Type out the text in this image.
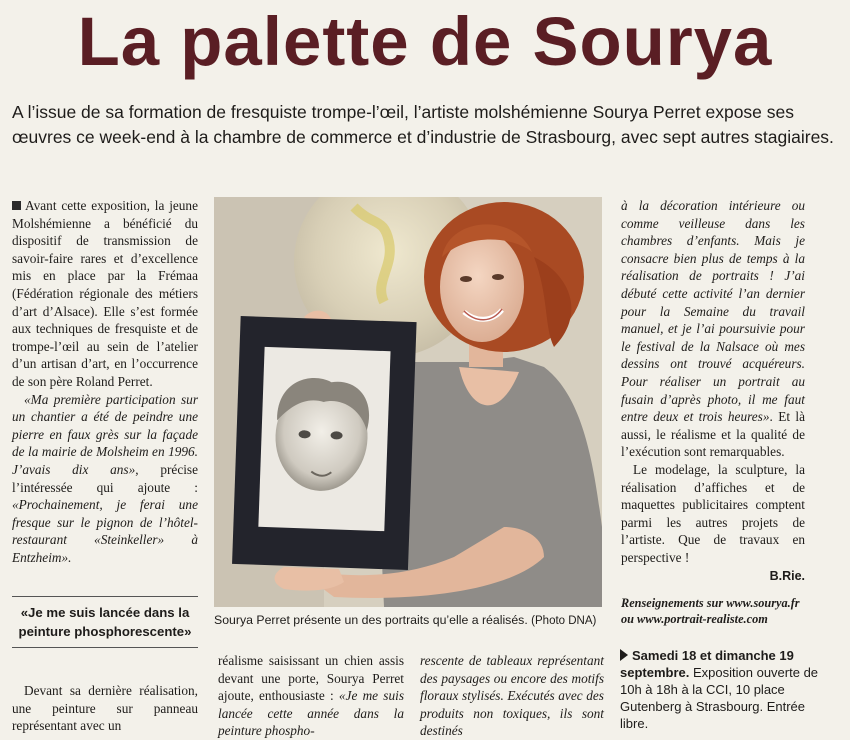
La palette de Sourya

A l’issue de sa formation de fresquiste trompe-l’œil, l’artiste molshémienne Sourya Perret expose ses œuvres ce week-end à la chambre de commerce et d’industrie de Strasbourg, avec sept autres stagiaires.

Avant cette exposition, la jeune Molshémienne a bénéficié du dispositif de transmission de savoir-faire rares et d’excellence mis en place par la Frémaa (Fédération régionale des métiers d’art d’Alsace). Elle s’est formée aux techniques de fresquiste et de trompe-l’œil au sein de l’atelier d’un artisan d’art, en l’occurrence de son père Roland Perret.

«Ma première participation sur un chantier a été de peindre une pierre en faux grès sur la façade de la mairie de Molsheim en 1996. J’avais dix ans», précise l’intéressée qui ajoute : «Prochainement, je ferai une fresque sur le pignon de l’hôtel-restaurant «Steinkeller» à Entzheim».

«Je me suis lancée dans la peinture phosphorescente»

Devant sa dernière réalisation, une peinture sur panneau représentant avec un

Sourya Perret présente un des portraits qu’elle a réalisés. (Photo DNA)

réalisme saisissant un chien assis devant une porte, Sourya Perret ajoute, enthousiaste : «Je me suis lancée cette année dans la peinture phospho-

rescente de tableaux représentant des paysages ou encore des motifs floraux stylisés. Exécutés avec des produits non toxiques, ils sont destinés

à la décoration intérieure ou comme veilleuse dans les chambres d’enfants. Mais je consacre bien plus de temps à la réalisation de portraits ! J’ai débuté cette activité l’an dernier pour la Semaine du travail manuel, et je l’ai poursuivie pour le festival de la Nalsace où mes dessins ont trouvé acquéreurs. Pour réaliser un portrait au fusain d’après photo, il me faut entre deux et trois heures». Et là aussi, le réalisme et la qualité de l’exécution sont remarquables.

Le modelage, la sculpture, la réalisation d’affiches et de maquettes publicitaires comptent parmi les autres projets de l’artiste. Que de travaux en perspective !

B.Rie.

Renseignements sur www.sourya.fr ou www.portrait-realiste.com

Samedi 18 et dimanche 19 septembre. Exposition ouverte de 10h à 18h à la CCI, 10 place Gutenberg à Strasbourg. Entrée libre.
